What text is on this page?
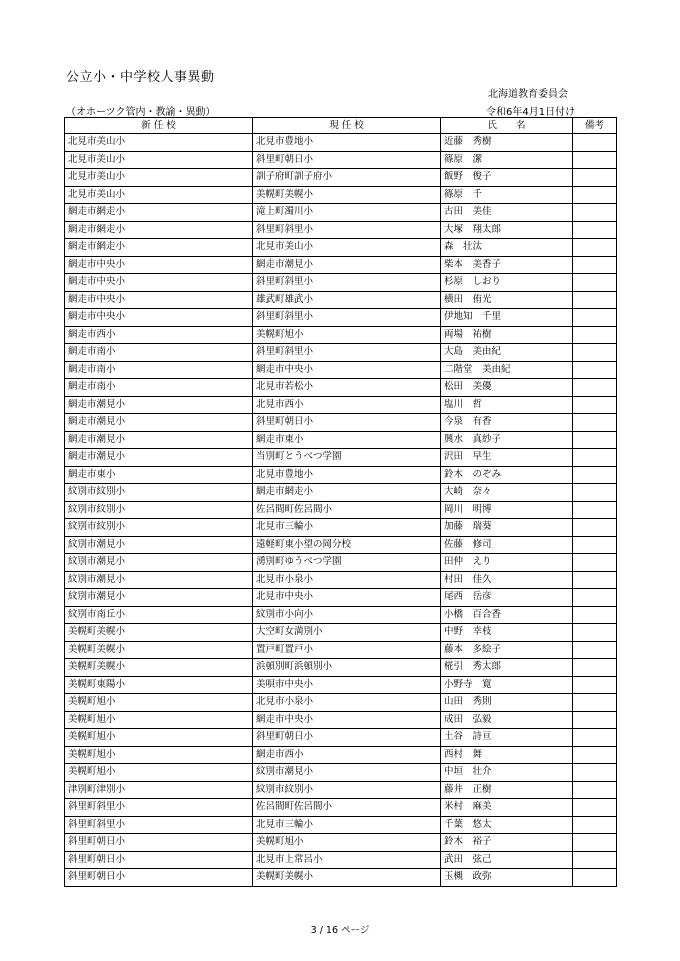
公立小・中学校人事異動
北海道教育委員会
（オホーツク管内・教諭・異動）	令和6年4月1日付け
新 任 校	現 任 校	氏　　名	備考
北見市美山小	北見市豊地小	近藤　秀樹	
北見市美山小	斜里町朝日小	篠原　潔	
北見市美山小	訓子府町訓子府小	飯野　俊子	
北見市美山小	美幌町美幌小	篠原　千	
網走市網走小	滝上町濁川小	古田　美佳	
網走市網走小	斜里町斜里小	大塚　翔太郎	
網走市網走小	北見市美山小	森　壮汰	
網走市中央小	網走市潮見小	柴本　美香子	
網走市中央小	斜里町斜里小	杉原　しおり	
網走市中央小	雄武町雄武小	横田　侑光	
網走市中央小	斜里町斜里小	伊地知　千里	
網走市西小	美幌町旭小	両場　祐樹	
網走市南小	斜里町斜里小	大島　美由紀	
網走市南小	網走市中央小	二階堂　美由紀	
網走市南小	北見市若松小	松田　美優	
網走市潮見小	北見市西小	塩川　哲	
網走市潮見小	斜里町朝日小	今泉　有香	
網走市潮見小	網走市東小	興水　真紗子	
網走市潮見小	当別町とうべつ学園	沢田　早生	
網走市東小	北見市豊地小	鈴木　のぞみ	
紋別市紋別小	網走市網走小	大崎　奈々	
紋別市紋別小	佐呂間町佐呂間小	岡川　明博	
紋別市紋別小	北見市三輪小	加藤　瑞葵	
紋別市潮見小	遠軽町東小望の岡分校	佐藤　修司	
紋別市潮見小	湧別町ゆうべつ学園	田仲　えり	
紋別市潮見小	北見市小泉小	村田　佳久	
紋別市潮見小	北見市中央小	尾西　岳彦	
紋別市南丘小	紋別市小向小	小橋　百合香	
美幌町美幌小	大空町女満別小	中野　幸枝	
美幌町美幌小	置戸町置戸小	藤本　多絵子	
美幌町美幌小	浜頓別町浜頓別小	椛引　秀太郎	
美幌町東陽小	美唄市中央小	小野寺　寛	
美幌町旭小	北見市小泉小	山田　秀則	
美幌町旭小	網走市中央小	成田　弘毅	
美幌町旭小	斜里町朝日小	土谷　詩亘	
美幌町旭小	網走市西小	西村　舞	
美幌町旭小	紋別市潮見小	中垣　壮介	
津別町津別小	紋別市紋別小	藤井　正樹	
斜里町斜里小	佐呂間町佐呂間小	米村　麻美	
斜里町斜里小	北見市三輪小	千葉　悠太	
斜里町朝日小	美幌町旭小	鈴木　裕子	
斜里町朝日小	北見市上常呂小	武田　弦己	
斜里町朝日小	美幌町美幌小	玉槻　政弥	
3 / 16 ページ
